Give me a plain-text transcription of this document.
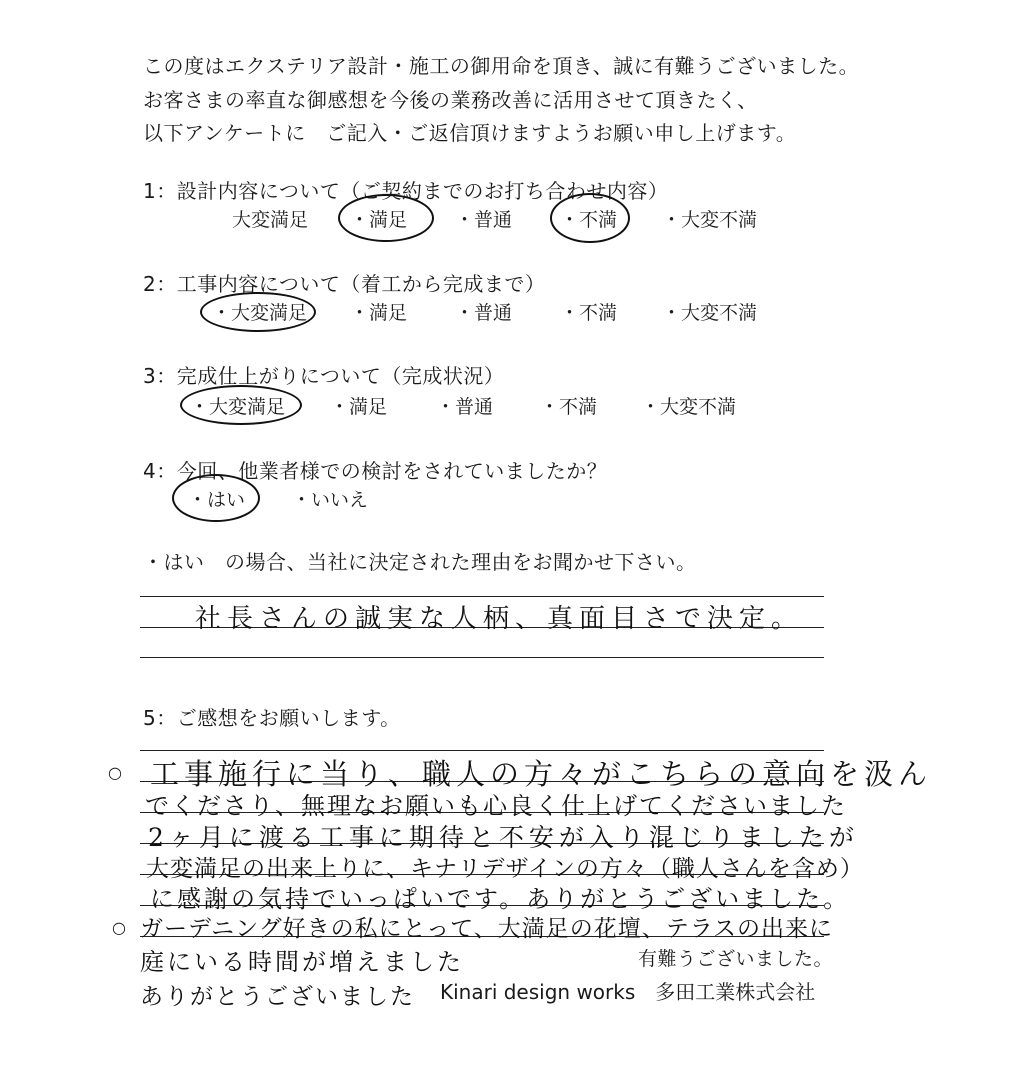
この度はエクステリア設計・施工の御用命を頂き、誠に有難うございました。
お客さまの率直な御感想を今後の業務改善に活用させて頂きたく、
以下アンケートに　ご記入・ご返信頂けますようお願い申し上げます。
1：設計内容について（ご契約までのお打ち合わせ内容）
大変満足 ・満足	・普通	・不満 ・大変不満
2：工事内容について（着工から完成まで）
・大変満足 ・満足	・普通	・不満 ・大変不満
3：完成仕上がりについて（完成状況）
・大変満足 ・満足	・普通 ・不満 ・大変不満
4：今回、他業者様での検討をされていましたか？
・はい ・いいえ
・はい　の場合、当社に決定された理由をお聞かせ下さい。
社長さんの誠実な人柄、真面目さで決定。
5：ご感想をお願いします。
○
○
工事施行に当り、職人の方々がこちらの意向を汲ん
でくださり、無理なお願いも心良く仕上げてくださいました
2ヶ月に渡る工事に期待と不安が入り混じりましたが
大変満足の出来上りに、キナリデザインの方々（職人さんを含め）
に感謝の気持でいっぱいです。ありがとうございました。
ガーデニング好きの私にとって、大満足の花壇、テラスの出来に
庭にいる時間が増えました
ありがとうございました
有難うございました。
Kinari design works　多田工業株式会社
